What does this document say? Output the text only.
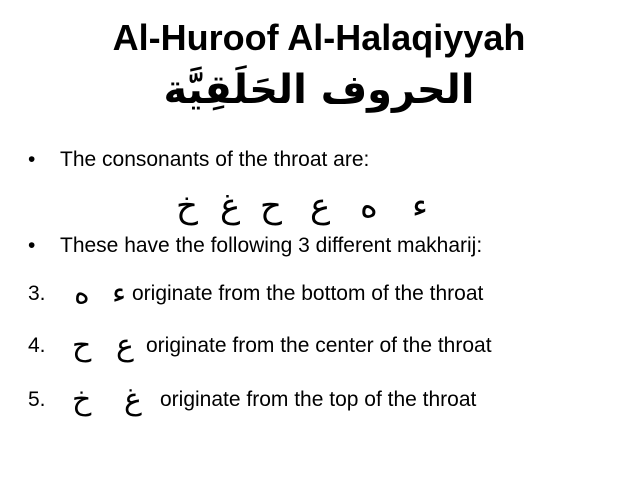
Al-Huroof Al-Halaqiyyah
الحروف الحَلَقِيَّة
• The consonants of the throat are:
ء
ه
ع
ح
غ
خ
• These have the following 3 different makharij:
3. ه ء originate from the bottom of the throat
4. ح ع originate from the center of the throat
5. خ غ originate from the top of the throat
